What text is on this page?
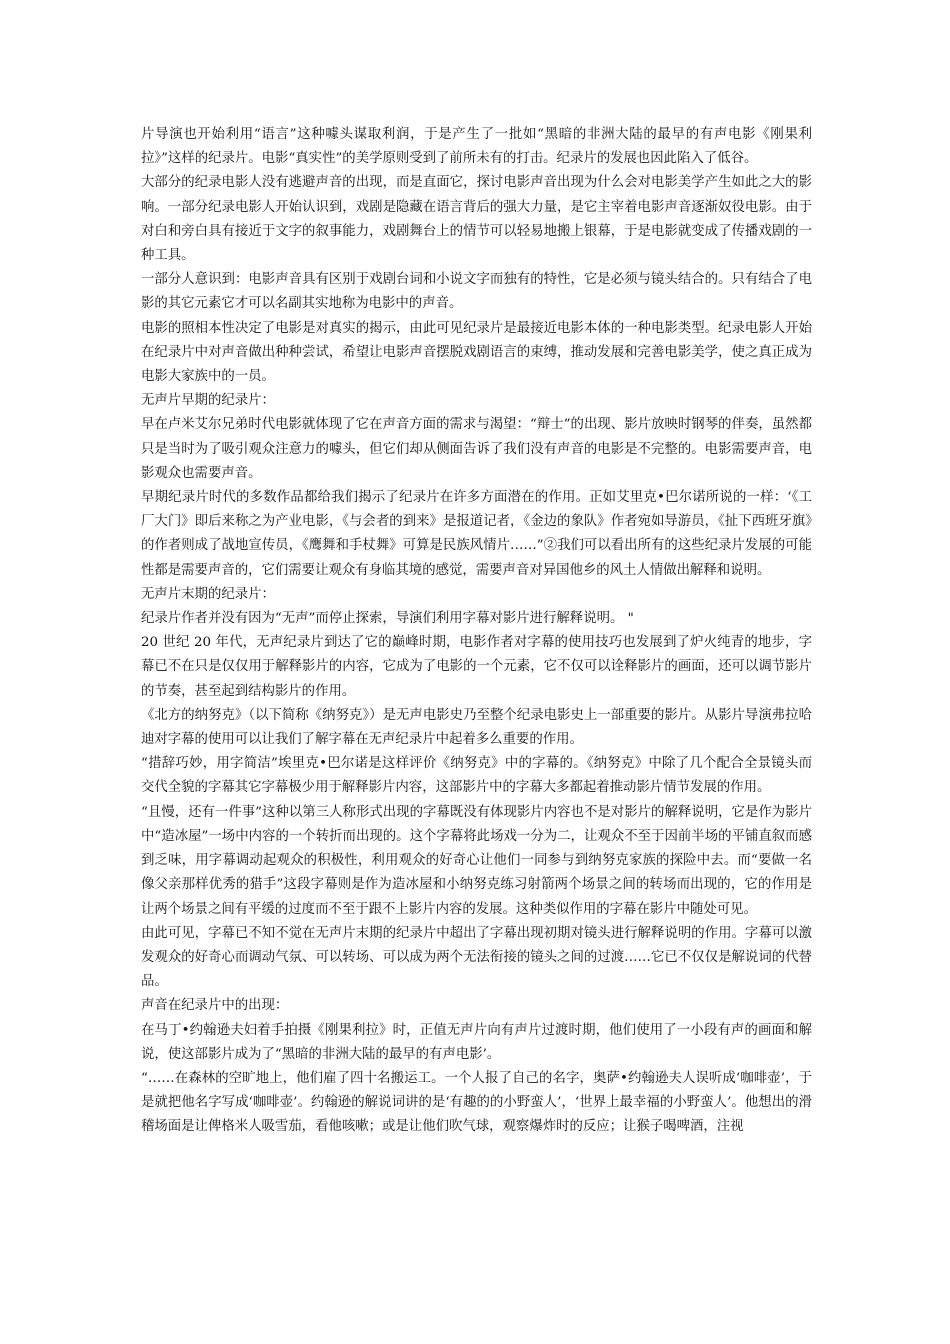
片导演也开始利用“语言”这种噱头谋取利润，于是产生了一批如“黑暗的非洲大陆的最早的有声电影《刚果利拉》”这样的纪录片。电影“真实性”的美学原则受到了前所未有的打击。纪录片的发展也因此陷入了低谷。

大部分的纪录电影人没有逃避声音的出现，而是直面它，探讨电影声音出现为什么会对电影美学产生如此之大的影响。一部分纪录电影人开始认识到，戏剧是隐藏在语言背后的强大力量，是它主宰着电影声音逐渐奴役电影。由于对白和旁白具有接近于文字的叙事能力，戏剧舞台上的情节可以轻易地搬上银幕，于是电影就变成了传播戏剧的一种工具。

一部分人意识到：电影声音具有区别于戏剧台词和小说文字而独有的特性，它是必须与镜头结合的。只有结合了电影的其它元素它才可以名副其实地称为电影中的声音。

电影的照相本性决定了电影是对真实的揭示，由此可见纪录片是最接近电影本体的一种电影类型。纪录电影人开始在纪录片中对声音做出种种尝试，希望让电影声音摆脱戏剧语言的束缚，推动发展和完善电影美学，使之真正成为电影大家族中的一员。

无声片早期的纪录片：

早在卢米艾尔兄弟时代电影就体现了它在声音方面的需求与渴望：“辩士”的出现、影片放映时钢琴的伴奏，虽然都只是当时为了吸引观众注意力的噱头，但它们却从侧面告诉了我们没有声音的电影是不完整的。电影需要声音，电影观众也需要声音。

早期纪录片时代的多数作品都给我们揭示了纪录片在许多方面潜在的作用。正如艾里克•巴尔诺所说的一样：‘《工厂大门》即后来称之为产业电影，《与会者的到来》是报道记者，《金边的象队》作者宛如导游员，《扯下西班牙旗》的作者则成了战地宣传员，《鹰舞和手杖舞》可算是民族风情片……”②我们可以看出所有的这些纪录片发展的可能性都是需要声音的，它们需要让观众有身临其境的感觉，需要声音对异国他乡的风土人情做出解释和说明。

无声片末期的纪录片：

纪录片作者并没有因为“无声”而停止探索，导演们利用字幕对影片进行解释说明。 "

20 世纪 20 年代，无声纪录片到达了它的巅峰时期，电影作者对字幕的使用技巧也发展到了炉火纯青的地步，字幕已不在只是仅仅用于解释影片的内容，它成为了电影的一个元素，它不仅可以诠释影片的画面，还可以调节影片的节奏，甚至起到结构影片的作用。

《北方的纳努克》（以下简称《纳努克》）是无声电影史乃至整个纪录电影史上一部重要的影片。从影片导演弗拉哈迪对字幕的使用可以让我们了解字幕在无声纪录片中起着多么重要的作用。

“措辞巧妙，用字简洁”埃里克•巴尔诺是这样评价《纳努克》中的字幕的。《纳努克》中除了几个配合全景镜头而交代全貌的字幕其它字幕极少用于解释影片内容，这部影片中的字幕大多都起着推动影片情节发展的作用。

“且慢，还有一件事”这种以第三人称形式出现的字幕既没有体现影片内容也不是对影片的解释说明，它是作为影片中“造冰屋”一场中内容的一个转折而出现的。这个字幕将此场戏一分为二，让观众不至于因前半场的平铺直叙而感到乏味，用字幕调动起观众的积极性，利用观众的好奇心让他们一同参与到纳努克家族的探险中去。而“要做一名像父亲那样优秀的猎手”这段字幕则是作为造冰屋和小纳努克练习射箭两个场景之间的转场而出现的，它的作用是让两个场景之间有平缓的过度而不至于跟不上影片内容的发展。这种类似作用的字幕在影片中随处可见。

由此可见，字幕已不知不觉在无声片末期的纪录片中超出了字幕出现初期对镜头进行解释说明的作用。字幕可以激发观众的好奇心而调动气氛、可以转场、可以成为两个无法衔接的镜头之间的过渡……它已不仅仅是解说词的代替品。

声音在纪录片中的出现：

在马丁•约翰逊夫妇着手拍摄《刚果利拉》时，正值无声片向有声片过渡时期，他们使用了一小段有声的画面和解说，使这部影片成为了“黑暗的非洲大陆的最早的有声电影’。

“……在森林的空旷地上，他们雇了四十名搬运工。一个人报了自己的名字，奥萨•约翰逊夫人误听成‘咖啡壶’，于是就把他名字写成‘咖啡壶’。约翰逊的解说词讲的是‘有趣的的小野蛮人’，‘世界上最幸福的小野蛮人’。他想出的滑稽场面是让俾格米人吸雪茄，看他咳嗽；或是让他们吹气球，观察爆炸时的反应；让猴子喝啤酒，注视
